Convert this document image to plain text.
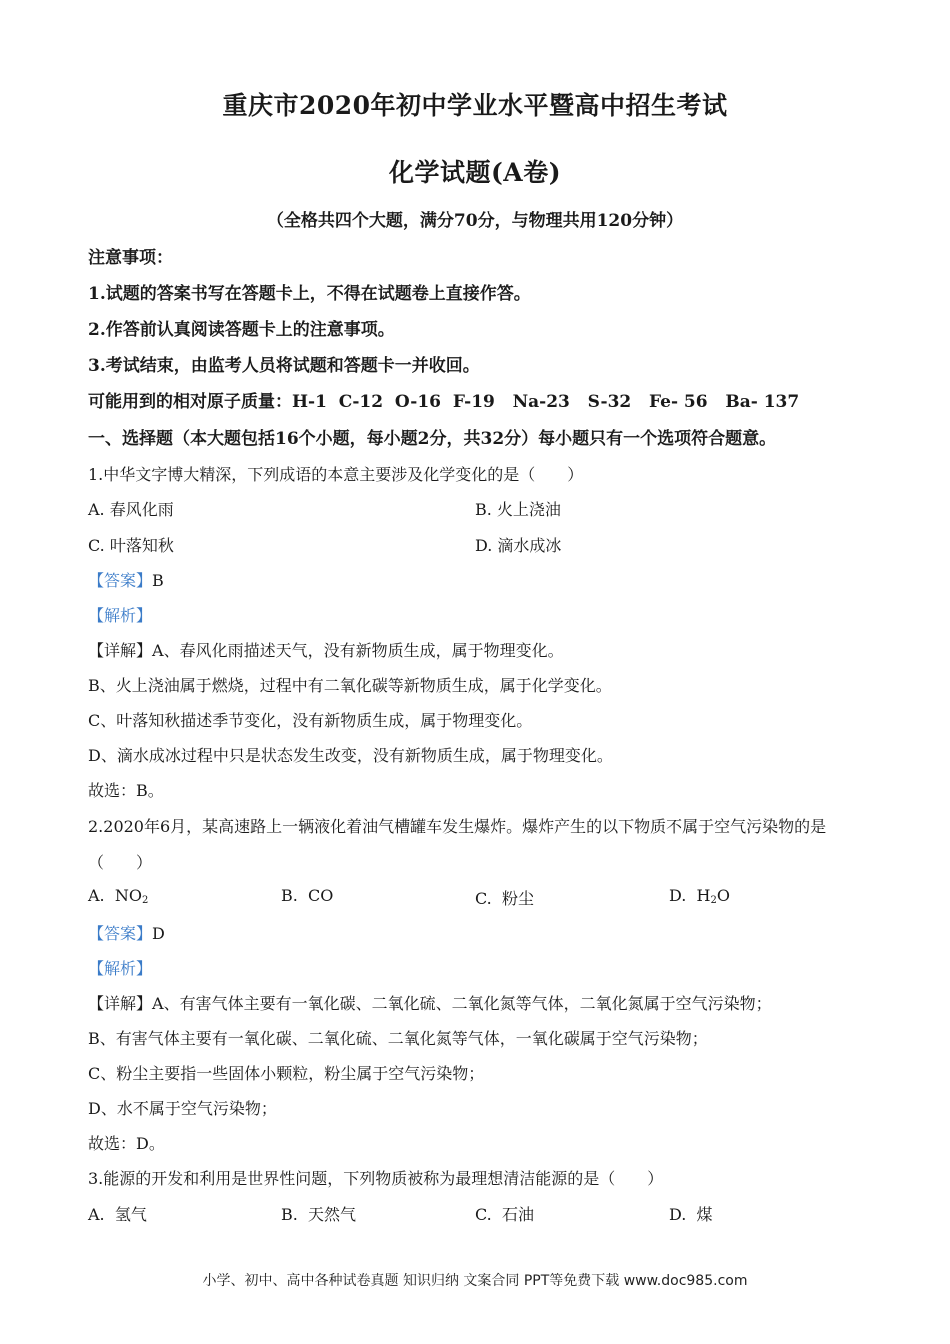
重庆市2020年初中学业水平暨高中招生考试
化学试题(A卷)
（全格共四个大题，满分70分，与物理共用120分钟）
注意事项：
1.试题的答案书写在答题卡上，不得在试题卷上直接作答。
2.作答前认真阅读答题卡上的注意事项。
3.考试结束，由监考人员将试题和答题卡一并收回。
可能用到的相对原子质量：H-1  C-12  O-16  F-19   Na-23   S-32   Fe- 56   Ba- 137
一、选择题（本大题包括16个小题，每小题2分，共32分）每小题只有一个选项符合题意。
1.中华文字博大精深，下列成语的本意主要涉及化学变化的是（　　）
A. 春风化雨	B. 火上浇油
C. 叶落知秋	D. 滴水成冰
【答案】B
【解析】
【详解】A、春风化雨描述天气，没有新物质生成，属于物理变化。
B、火上浇油属于燃烧，过程中有二氧化碳等新物质生成，属于化学变化。
C、叶落知秋描述季节变化，没有新物质生成，属于物理变化。
D、滴水成冰过程中只是状态发生改变，没有新物质生成，属于物理变化。
故选：B。
2.2020年6月，某高速路上一辆液化着油气槽罐车发生爆炸。爆炸产生的以下物质不属于空气污染物的是
（　　）
A. $NO_2$	B. CO	C. 粉尘	D. $H_2O$
【答案】D
【解析】
【详解】A、有害气体主要有一氧化碳、二氧化硫、二氧化氮等气体，二氧化氮属于空气污染物；
B、有害气体主要有一氧化碳、二氧化硫、二氧化氮等气体，一氧化碳属于空气污染物；
C、粉尘主要指一些固体小颗粒，粉尘属于空气污染物；
D、水不属于空气污染物；
故选：D。
3.能源的开发和利用是世界性问题，下列物质被称为最理想清洁能源的是（　　）
A. 氢气	B. 天然气	C. 石油	D. 煤
小学、初中、高中各种试卷真题 知识归纳 文案合同 PPT等免费下载 www.doc985.com
